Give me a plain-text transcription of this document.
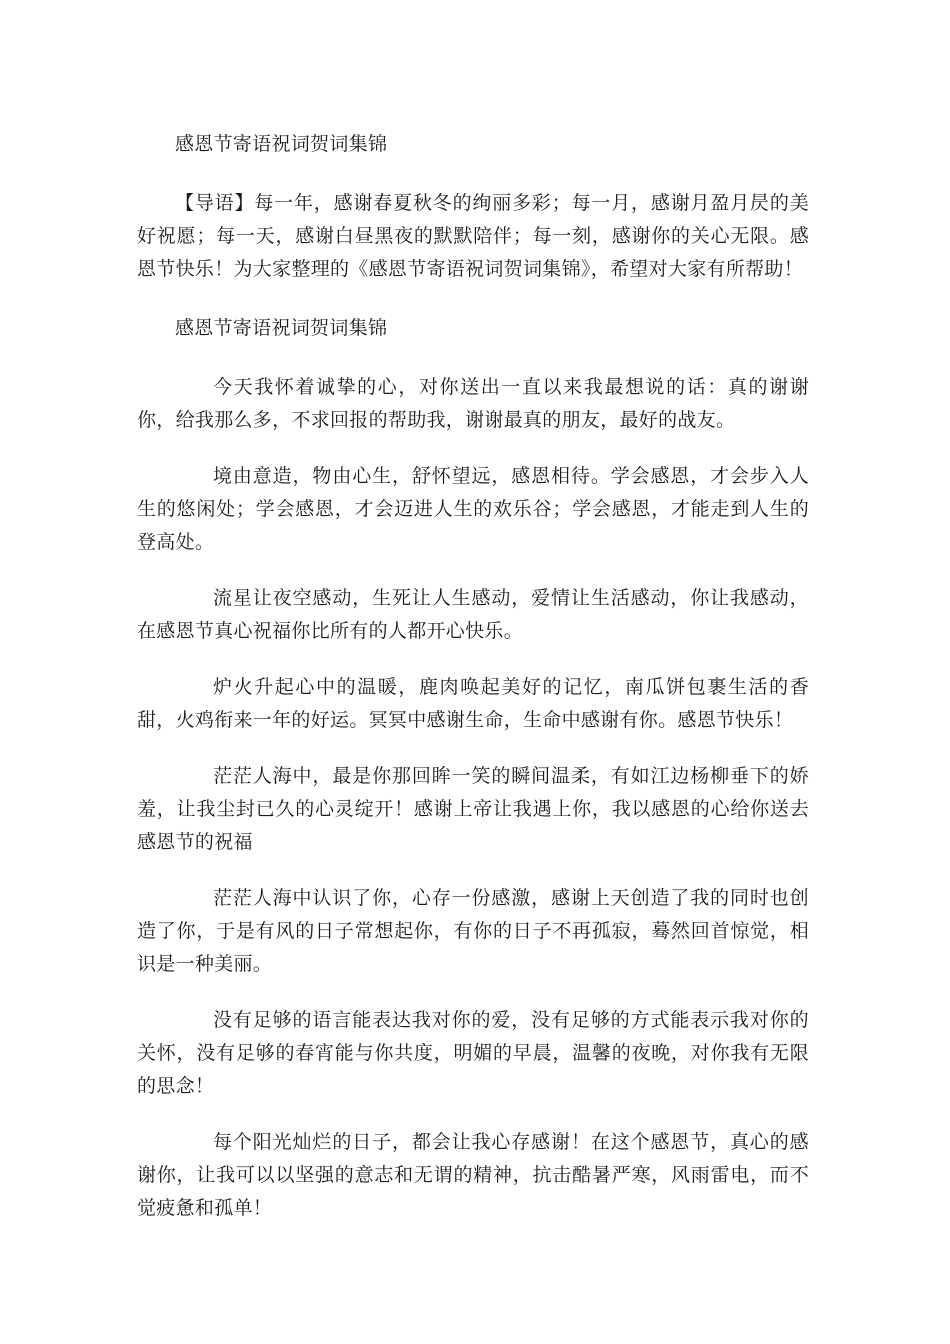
感恩节寄语祝词贺词集锦

【导语】每一年，感谢春夏秋冬的绚丽多彩；每一月，感谢月盈月昃的美好祝愿；每一天，感谢白昼黑夜的默默陪伴；每一刻，感谢你的关心无限。感恩节快乐！为大家整理的《感恩节寄语祝词贺词集锦》，希望对大家有所帮助！

感恩节寄语祝词贺词集锦

今天我怀着诚挚的心，对你送出一直以来我最想说的话：真的谢谢你，给我那么多，不求回报的帮助我，谢谢最真的朋友，最好的战友。

境由意造，物由心生，舒怀望远，感恩相待。学会感恩，才会步入人生的悠闲处；学会感恩，才会迈进人生的欢乐谷；学会感恩，才能走到人生的登高处。

流星让夜空感动，生死让人生感动，爱情让生活感动，你让我感动，在感恩节真心祝福你比所有的人都开心快乐。

炉火升起心中的温暖，鹿肉唤起美好的记忆，南瓜饼包裹生活的香甜，火鸡衔来一年的好运。冥冥中感谢生命，生命中感谢有你。感恩节快乐！

茫茫人海中，最是你那回眸一笑的瞬间温柔，有如江边杨柳垂下的娇羞，让我尘封已久的心灵绽开！感谢上帝让我遇上你，我以感恩的心给你送去感恩节的祝福

茫茫人海中认识了你，心存一份感激，感谢上天创造了我的同时也创造了你，于是有风的日子常想起你，有你的日子不再孤寂，蓦然回首惊觉，相识是一种美丽。

没有足够的语言能表达我对你的爱，没有足够的方式能表示我对你的关怀，没有足够的春宵能与你共度，明媚的早晨，温馨的夜晚，对你我有无限的思念！

每个阳光灿烂的日子，都会让我心存感谢！在这个感恩节，真心的感谢你，让我可以以坚强的意志和无谓的精神，抗击酷暑严寒，风雨雷电，而不觉疲惫和孤单！
